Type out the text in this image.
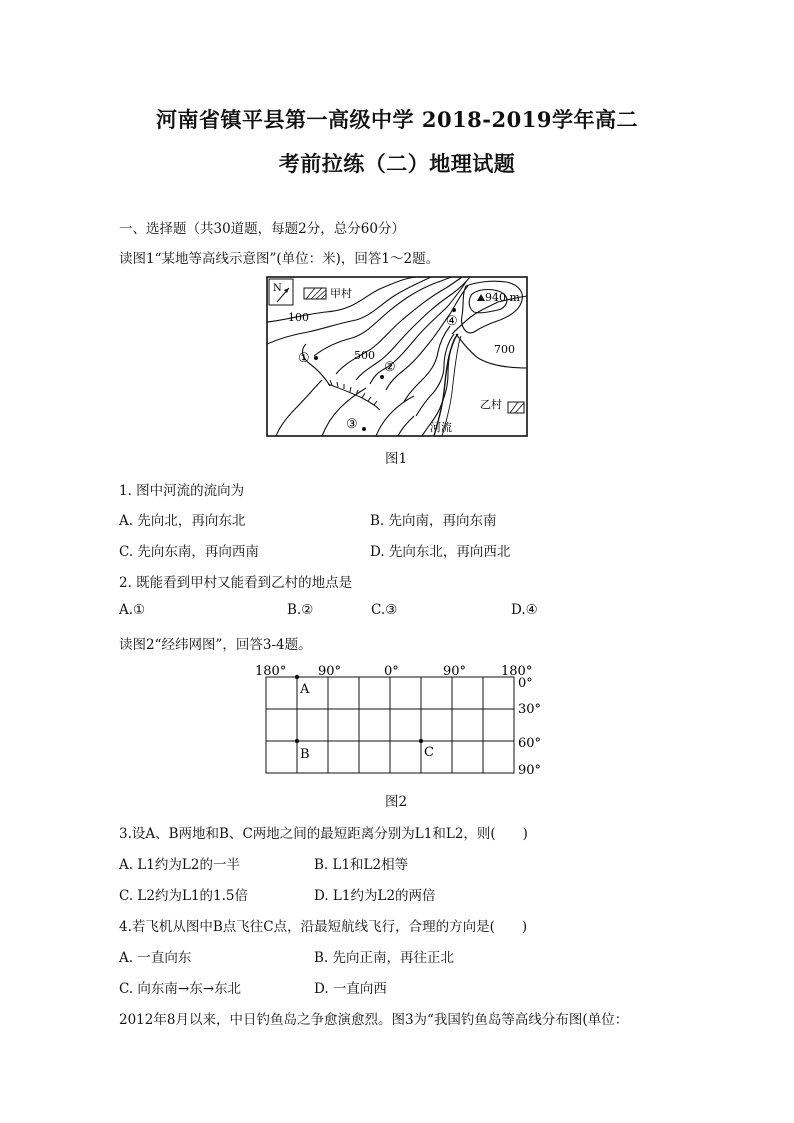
河南省镇平县第一高级中学 2018-2019学年高二
考前拉练（二）地理试题
一、选择题（共30道题，每题2分，总分60分）
读图1“某地等高线示意图”(单位：米)，回答1～2题。
N	甲村
100
500	700
940 m
①
②
③
④
乙村
河流
图1
1. 图中河流的流向为
A. 先向北，再向东北	B. 先向南，再向东南
C. 先向东南，再向西南	D. 先向东北，再向西北
2. 既能看到甲村又能看到乙村的地点是
A.①	B.②	C.③	D.④
读图2“经纬网图”，回答3-4题。
180° 90°	0°	90°	180°
0°
30°
60°
90°
A
B	C
图2
3.设A、B两地和B、C两地之间的最短距离分别为L1和L2，则(　　)
A. L1约为L2的一半	B. L1和L2相等
C. L2约为L1的1.5倍	D. L1约为L2的两倍
4.若飞机从图中B点飞往C点，沿最短航线飞行，合理的方向是(　　)
A. 一直向东	B. 先向正南，再往正北
C. 向东南→东→东北	D. 一直向西
2012年8月以来，中日钓鱼岛之争愈演愈烈。图3为“我国钓鱼岛等高线分布图(单位：
